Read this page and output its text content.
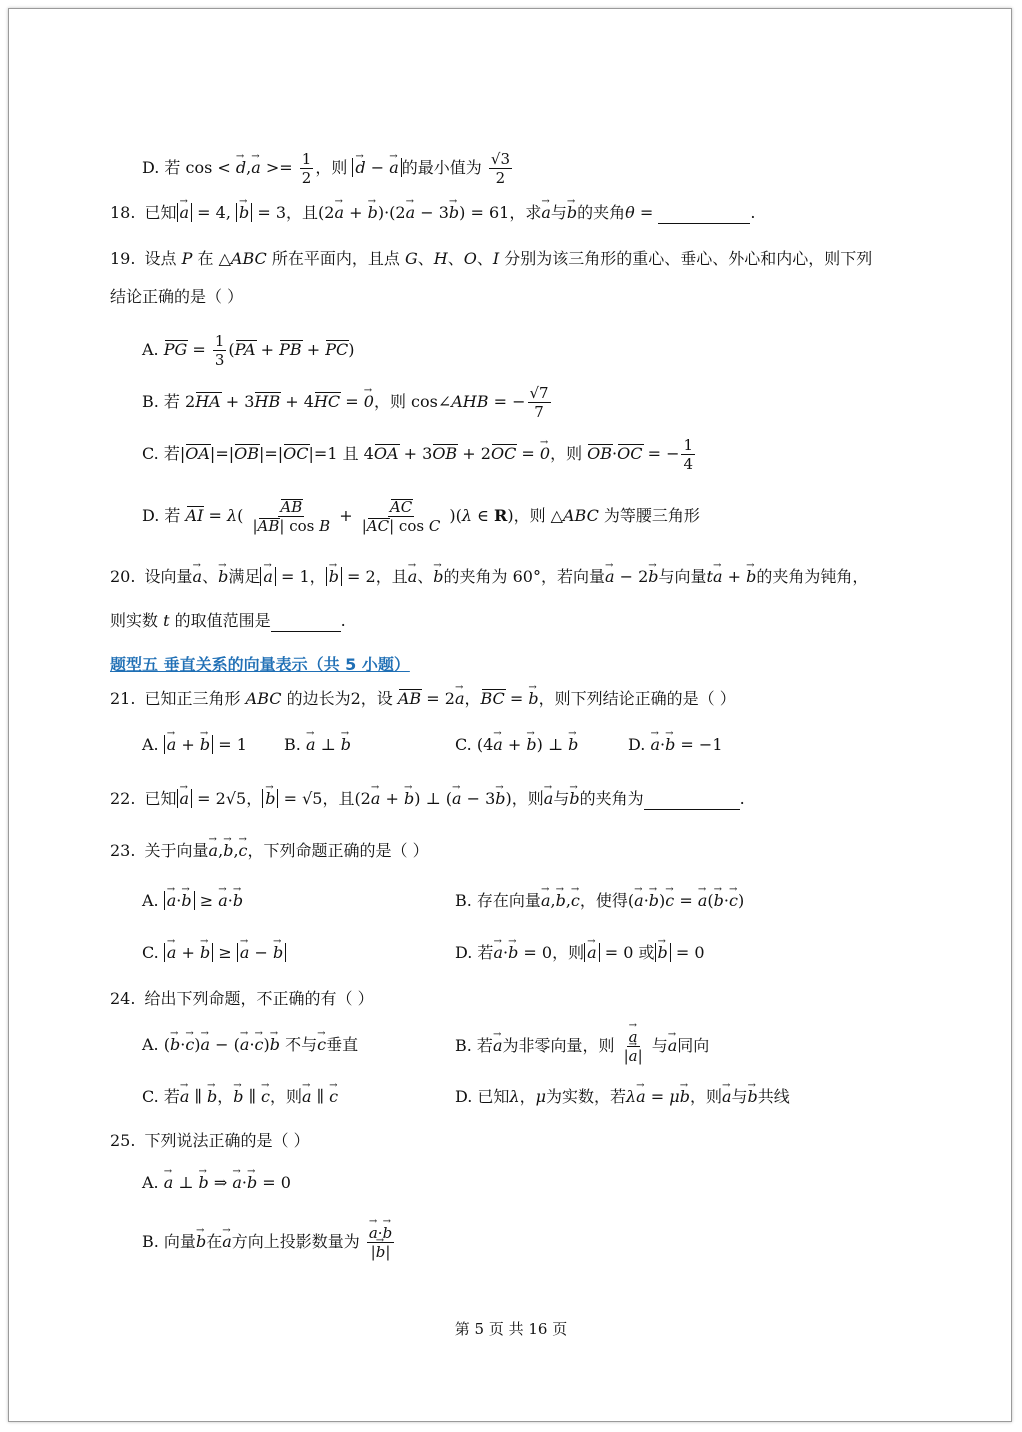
D. 若 cos < → $d,\to a >= \frac{1}{2}$ ，则 → d − → a 的最小值为 $\frac{√3}{2}$
18. 已知 → a = 4, → b = 3，且(2→ a + → b)·(2→ a − 3→ b) = 61，求→ a与→ b的夹角θ =	.
19. 设点 P 在 △ABC 所在平面内，且点 G、H、O、I 分别为该三角形的重心、垂心、外心和内心，则下列
结论正确的是（ ）
A. PG = $\frac{1}{3} (PA$ + PB + PC)
B. 若 2HA + 3HB + 4HC = → 0，则 cos∠AHB = − $\frac{√7}{7}$
C. 若|OA|=|OB|=|OC|=1 且 4OA + 3OB + 2OC = → 0，则 OB·OC = − $\frac{1}{4}$
D. 若 AI = $\lambda( \frac{AB}{\text{|AB| cos B}} + \frac{AC}{\text{|AC| cos C}} )(\lambda$ ∈ R)，则 △ABC 为等腰三角形
20. 设向量→ a、→ b满足 → a = 1， → b = 2，且→ a、→ b的夹角为 60°，若向量→ a − 2→ b与向量t→ a + → b的夹角为钝角，
则实数 t 的取值范围是	.
题型五 垂直关系的向量表示（共 5 小题）
21. 已知正三角形 ABC 的边长为2，设 AB = 2→ a，BC = → b，则下列结论正确的是（ ）
A. → a + → b = 1 B. → a ⊥ → b	C. (4→ a + → b) ⊥ → b	D. → a·→ b = −1
22. 已知 → a = 2√5， → b = √5，且(2→ a + → b) ⊥ (→ a − 3→ b)，则→ a与→ b的夹角为	.
23. 关于向量→ a,→ b,→ c，下列命题正确的是（ ）
A. → a·→ b ≥ → a·→ b	B. 存在向量→ a,→ b,→ c，使得(→ a·→ b)→ c = → a(→ b·→ c)
C. → a + → b ≥ → a − → b	D. 若→ a·→ b = 0，则 → a = 0 或 → b = 0
24. 给出下列命题，不正确的有（ ）
A. (→ b·→ c)→ a − (→ a·→ c)→ b 不与→ c垂直	B. 若→ a为非零向量，则 → $\frac{a}{|\to a|}$ 与→ a同向
C. 若→ a ∥ → b，→ b ∥ → c，则→ a ∥ → c	D. 已知λ，μ为实数，若λ→ a = μ→ b，则→ a与→ b共线
25. 下列说法正确的是（ ）
A. → a ⊥ → b ⇒ → a·→ b = 0
B. 向量→ b在→ a方向上投影数量为 → $\frac{a\cdot\to b}{|\to b|}$
第 5 页 共 16 页
